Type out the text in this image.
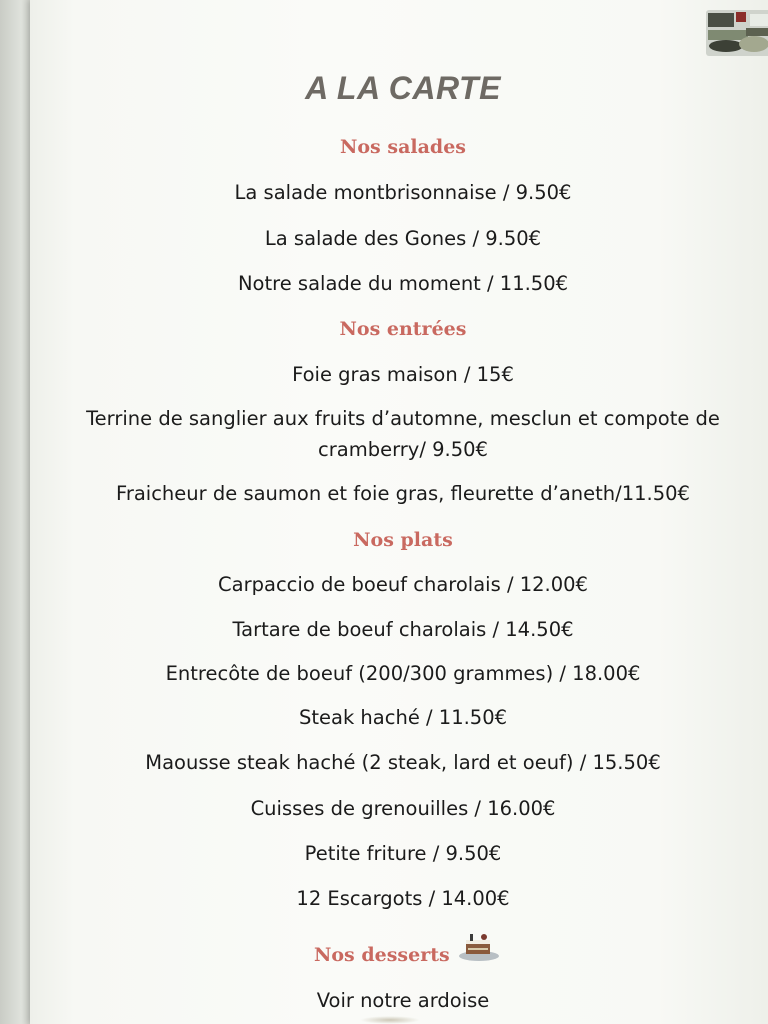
A LA CARTE
Nos salades
La salade montbrisonnaise / 9.50€
La salade des Gones / 9.50€
Notre salade du moment / 11.50€
Nos entrées
Foie gras maison / 15€
Terrine de sanglier aux fruits d’automne, mesclun et compote de
cramberry/ 9.50€
Fraicheur de saumon et foie gras, fleurette d’aneth/11.50€
Nos plats
Carpaccio de boeuf charolais / 12.00€
Tartare de boeuf charolais / 14.50€
Entrecôte de boeuf (200/300 grammes) / 18.00€
Steak haché / 11.50€
Maousse steak haché (2 steak, lard et oeuf) / 15.50€
Cuisses de grenouilles / 16.00€
Petite friture / 9.50€
12 Escargots / 14.00€
Nos desserts
Voir notre ardoise
